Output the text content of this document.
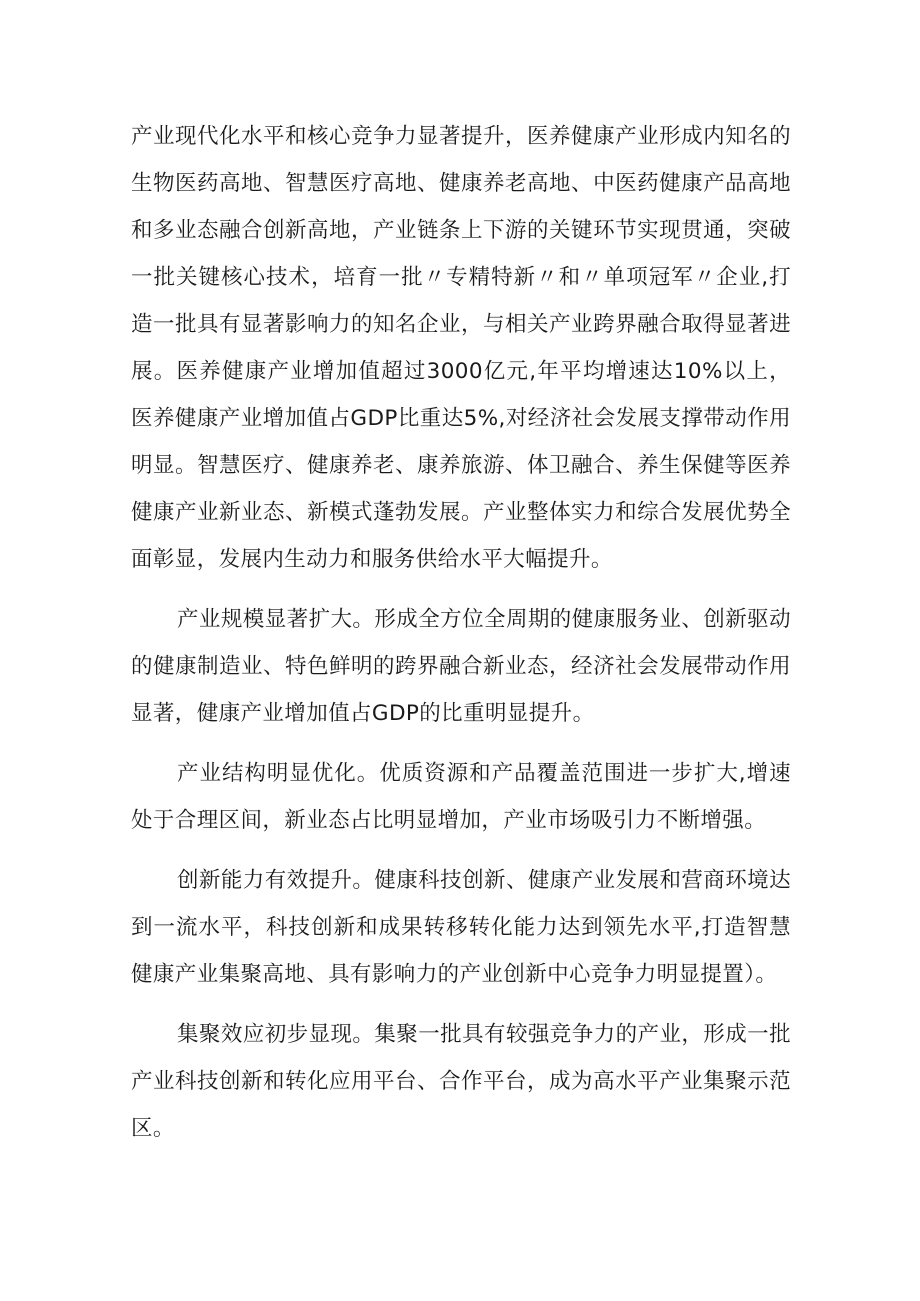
产业现代化水平和核心竞争力显著提升，医养健康产业形成内知名的生物医药高地、智慧医疗高地、健康养老高地、中医药健康产品高地和多业态融合创新高地，产业链条上下游的关键环节实现贯通，突破一批关键核心技术，培育一批〃专精特新〃和〃单项冠军〃企业,打造一批具有显著影响力的知名企业，与相关产业跨界融合取得显著进展。医养健康产业增加值超过3000亿元,年平均增速达10%以上，医养健康产业增加值占GDP比重达5%,对经济社会发展支撑带动作用明显。智慧医疗、健康养老、康养旅游、体卫融合、养生保健等医养健康产业新业态、新模式蓬勃发展。产业整体实力和综合发展优势全面彰显，发展内生动力和服务供给水平大幅提升。

产业规模显著扩大。形成全方位全周期的健康服务业、创新驱动的健康制造业、特色鲜明的跨界融合新业态，经济社会发展带动作用显著，健康产业增加值占GDP的比重明显提升。

产业结构明显优化。优质资源和产品覆盖范围进一步扩大,增速处于合理区间，新业态占比明显增加，产业市场吸引力不断增强。

创新能力有效提升。健康科技创新、健康产业发展和营商环境达到一流水平，科技创新和成果转移转化能力达到领先水平,打造智慧健康产业集聚高地、具有影响力的产业创新中心竞争力明显提置）。

集聚效应初步显现。集聚一批具有较强竞争力的产业，形成一批产业科技创新和转化应用平台、合作平台，成为高水平产业集聚示范区。
